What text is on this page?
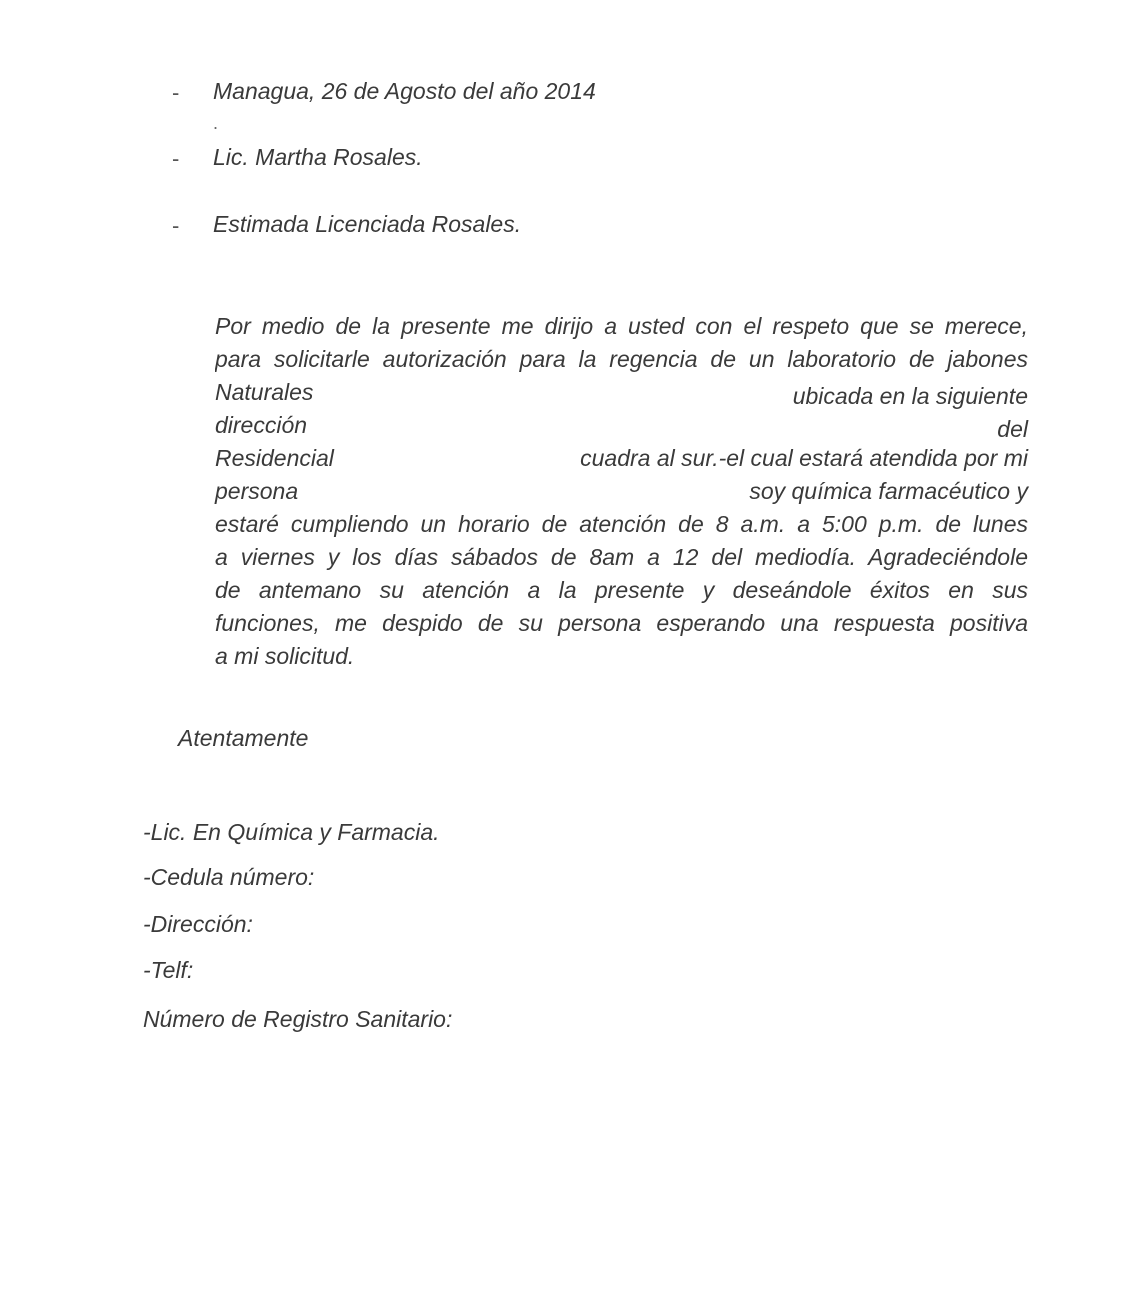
- Managua, 26 de Agosto del año 2014
.
- Lic. Martha Rosales.
- Estimada Licenciada Rosales.
Por medio de la presente me dirijo a usted con el respeto que se merece,
para solicitarle autorización para la regencia de un laboratorio de jabones
Naturales	ubicada en la siguiente
dirección	del
Residencial	cuadra al sur.-el cual estará atendida por mi
persona	soy química farmacéutico y
estaré cumpliendo un horario de atención de 8 a.m. a 5:00 p.m. de lunes
a viernes y los días sábados de 8am a 12 del mediodía. Agradeciéndole
de antemano su atención a la presente y deseándole éxitos en sus
funciones, me despido de su persona esperando una respuesta positiva
a mi solicitud.
Atentamente
-Lic. En Química y Farmacia.
-Cedula número:
-Dirección:
-Telf:
Número de Registro Sanitario:
